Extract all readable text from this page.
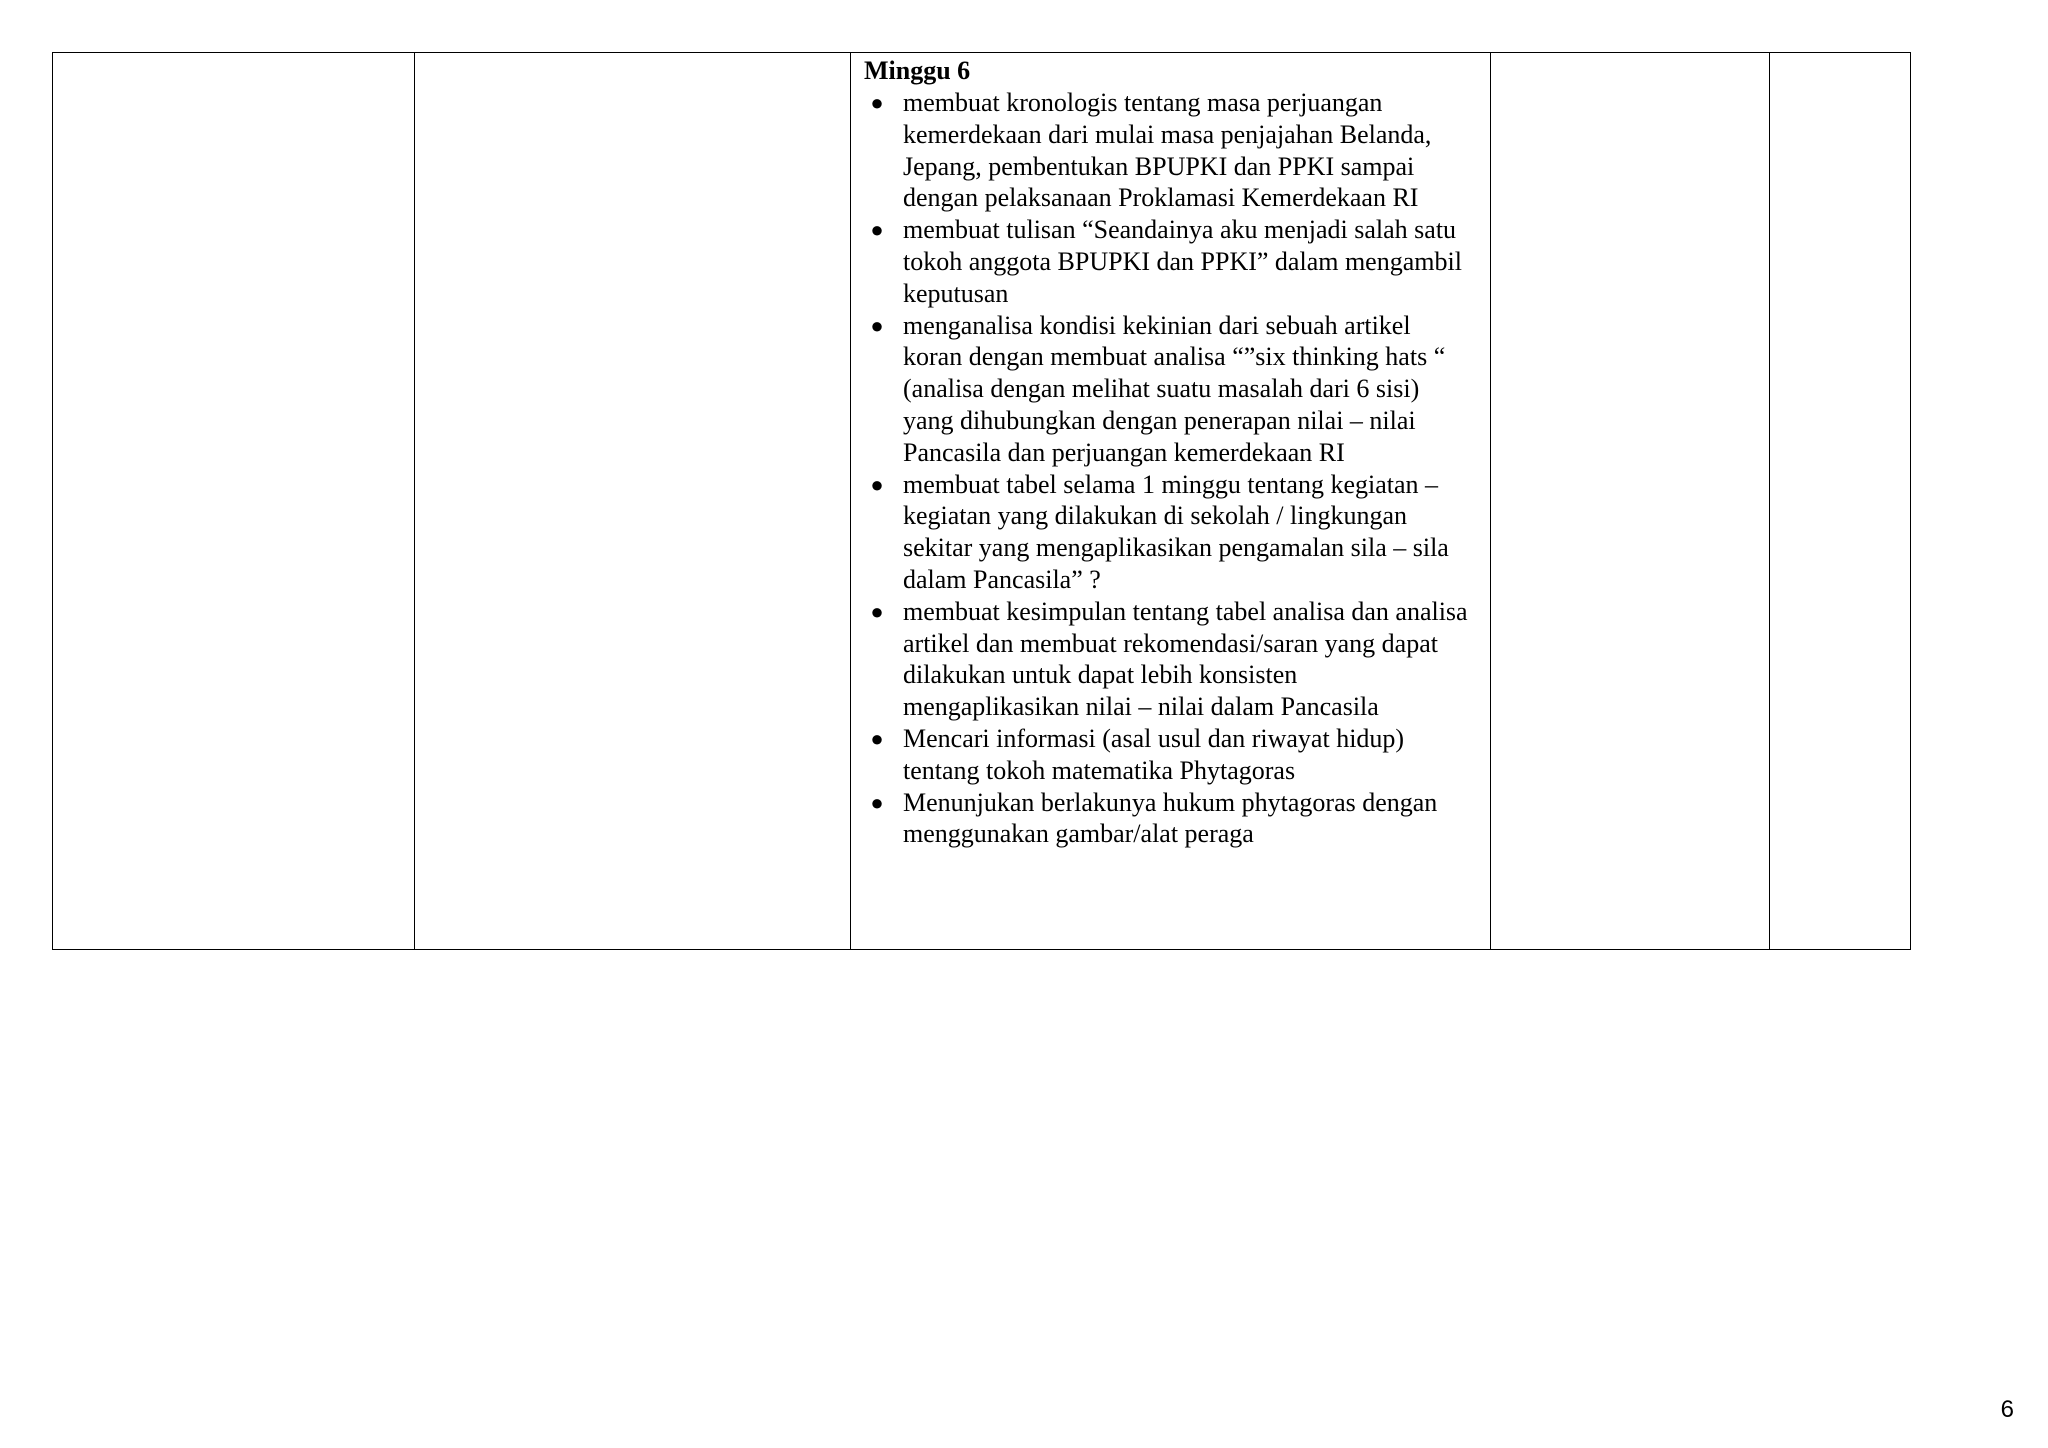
Minggu 6

● membuat kronologis tentang masa perjuangan kemerdekaan dari mulai masa penjajahan Belanda, Jepang, pembentukan BPUPKI dan PPKI sampai dengan pelaksanaan Proklamasi Kemerdekaan RI
● membuat tulisan “Seandainya aku menjadi salah satu tokoh anggota BPUPKI dan PPKI” dalam mengambil keputusan
● menganalisa kondisi kekinian dari sebuah artikel koran dengan membuat analisa “”six thinking hats “ (analisa dengan melihat suatu masalah dari 6 sisi) yang dihubungkan dengan penerapan nilai – nilai Pancasila dan perjuangan kemerdekaan RI
● membuat tabel selama 1 minggu tentang kegiatan – kegiatan yang dilakukan di sekolah / lingkungan sekitar yang mengaplikasikan pengamalan sila – sila dalam Pancasila” ?
● membuat kesimpulan tentang tabel analisa dan analisa artikel dan membuat rekomendasi/saran yang dapat dilakukan untuk dapat lebih konsisten mengaplikasikan nilai – nilai dalam Pancasila
● Mencari informasi (asal usul dan riwayat hidup) tentang tokoh matematika Phytagoras
● Menunjukan berlakunya hukum phytagoras dengan menggunakan gambar/alat peraga

6
